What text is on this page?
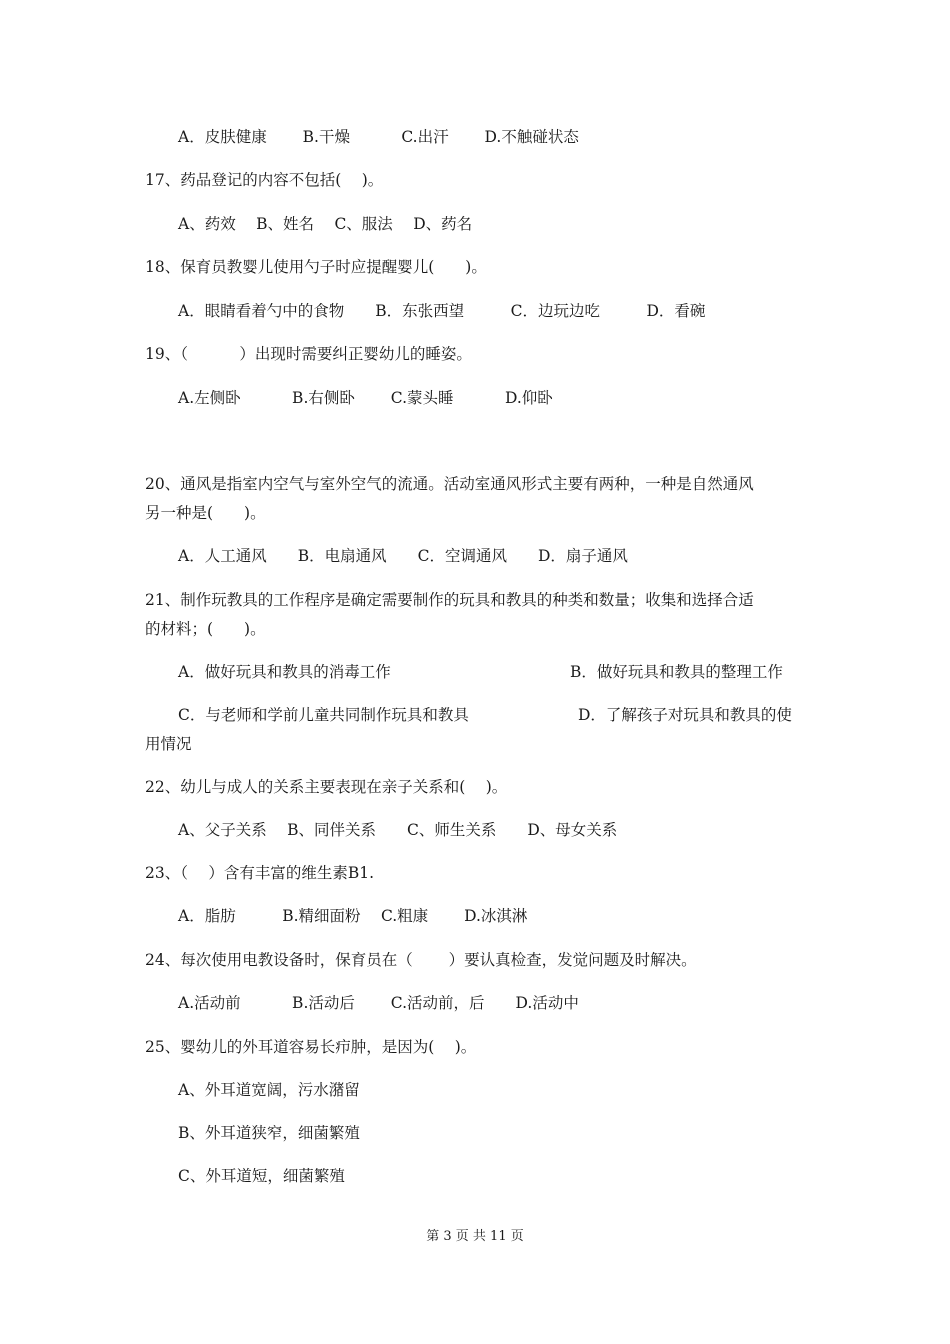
A．皮肤健康　　 B.干燥　　　 C.出汗　　 D.不触碰状态
17、药品登记的内容不包括(　 )。
A、药效　 B、姓名　 C、服法　 D、药名
18、保育员教婴儿使用勺子时应提醒婴儿(　　)。
A．眼睛看着勺中的食物　　B．东张西望　　　C．边玩边吃　　　D．看碗
19、（　　　 ）出现时需要纠正婴幼儿的睡姿。
A.左侧卧　　　 B.右侧卧　　 C.蒙头睡　　　 D.仰卧
20、通风是指室内空气与室外空气的流通。活动室通风形式主要有两种，一种是自然通风
另一种是(　　)。
A．人工通风　　B．电扇通风　　C．空调通风　　D．扇子通风
21、制作玩教具的工作程序是确定需要制作的玩具和教具的种类和数量；收集和选择合适
的材料；(　　)。
A．做好玩具和教具的消毒工作	B．做好玩具和教具的整理工作
C．与老师和学前儿童共同制作玩具和教具	D．了解孩子对玩具和教具的使
用情况
22、幼儿与成人的关系主要表现在亲子关系和(　 )。
A、父子关系　 B、同伴关系　　C、师生关系　　D、母女关系
23、（　 ）含有丰富的维生素B1.
A．脂肪　　　B.精细面粉　 C.粗康　　 D.冰淇淋
24、每次使用电教设备时，保育员在（　　 ）要认真检查，发觉问题及时解决。
A.活动前　　　 B.活动后　　 C.活动前，后　　D.活动中
25、婴幼儿的外耳道容易长疖肿，是因为(　 )。
A、外耳道宽阔，污水潴留
B、外耳道狭窄，细菌繁殖
C、外耳道短，细菌繁殖
第 3 页 共 11 页
